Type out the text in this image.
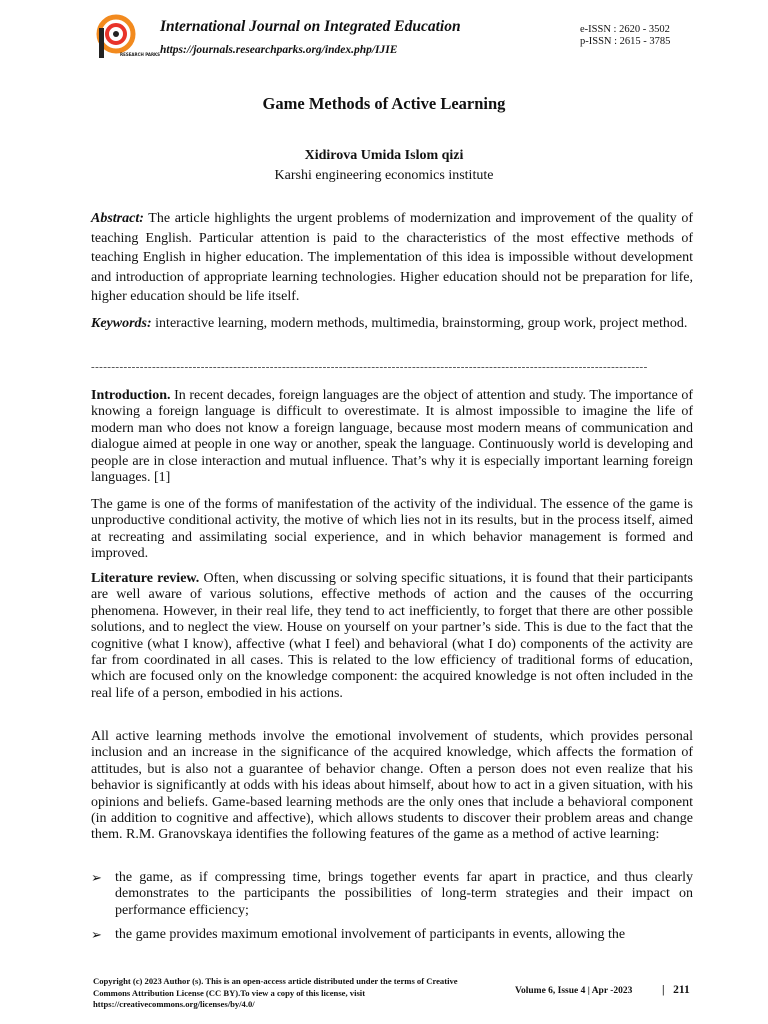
RESEARCH PARKS
International Journal on Integrated Education
https://journals.researchparks.org/index.php/IJIE
e-ISSN : 2620 - 3502
p-ISSN : 2615 - 3785
Game Methods of Active Learning
Xidirova Umida Islom qizi
Karshi engineering economics institute

Abstract: The article highlights the urgent problems of modernization and improvement of the quality of teaching English. Particular attention is paid to the characteristics of the most effective methods of teaching English in higher education. The implementation of this idea is impossible without development and introduction of appropriate learning technologies. Higher education should not be preparation for life, higher education should be life itself.

Keywords: interactive learning, modern methods, multimedia, brainstorming, group work, project method.

-----------------------------------------------------------------------------------------------------------------------------------------

Introduction. In recent decades, foreign languages are the object of attention and study. The importance of knowing a foreign language is difficult to overestimate. It is almost impossible to imagine the life of modern man who does not know a foreign language, because most modern means of communication and dialogue aimed at people in one way or another, speak the language. Continuously world is developing and people are in close interaction and mutual influence. That’s why it is especially important learning foreign languages. [1]

The game is one of the forms of manifestation of the activity of the individual. The essence of the game is unproductive conditional activity, the motive of which lies not in its results, but in the process itself, aimed at recreating and assimilating social experience, and in which behavior management is formed and improved.

Literature review. Often, when discussing or solving specific situations, it is found that their participants are well aware of various solutions, effective methods of action and the causes of the occurring phenomena. However, in their real life, they tend to act inefficiently, to forget that there are other possible solutions, and to neglect the view. House on yourself on your partner’s side. This is due to the fact that the cognitive (what I know), affective (what I feel) and behavioral (what I do) components of the activity are far from coordinated in all cases. This is related to the low efficiency of traditional forms of education, which are focused only on the knowledge component: the acquired knowledge is not often included in the real life of a person, embodied in his actions.

All active learning methods involve the emotional involvement of students, which provides personal inclusion and an increase in the significance of the acquired knowledge, which affects the formation of attitudes, but is also not a guarantee of behavior change. Often a person does not even realize that his behavior is significantly at odds with his ideas about himself, about how to act in a given situation, with his opinions and beliefs. Game-based learning methods are the only ones that include a behavioral component (in addition to cognitive and affective), which allows students to discover their problem areas and change them. R.M. Granovskaya identifies the following features of the game as a method of active learning:

➢ the game, as if compressing time, brings together events far apart in practice, and thus clearly demonstrates to the participants the possibilities of long-term strategies and their impact on performance efficiency;
➢ the game provides maximum emotional involvement of participants in events, allowing the
Copyright (c) 2023 Author (s). This is an open-access article distributed under the terms of Creative Commons Attribution License (CC BY).To view a copy of this license, visit https://creativecommons.org/licenses/by/4.0/
Volume 6, Issue 4 | Apr -2023	| 211
